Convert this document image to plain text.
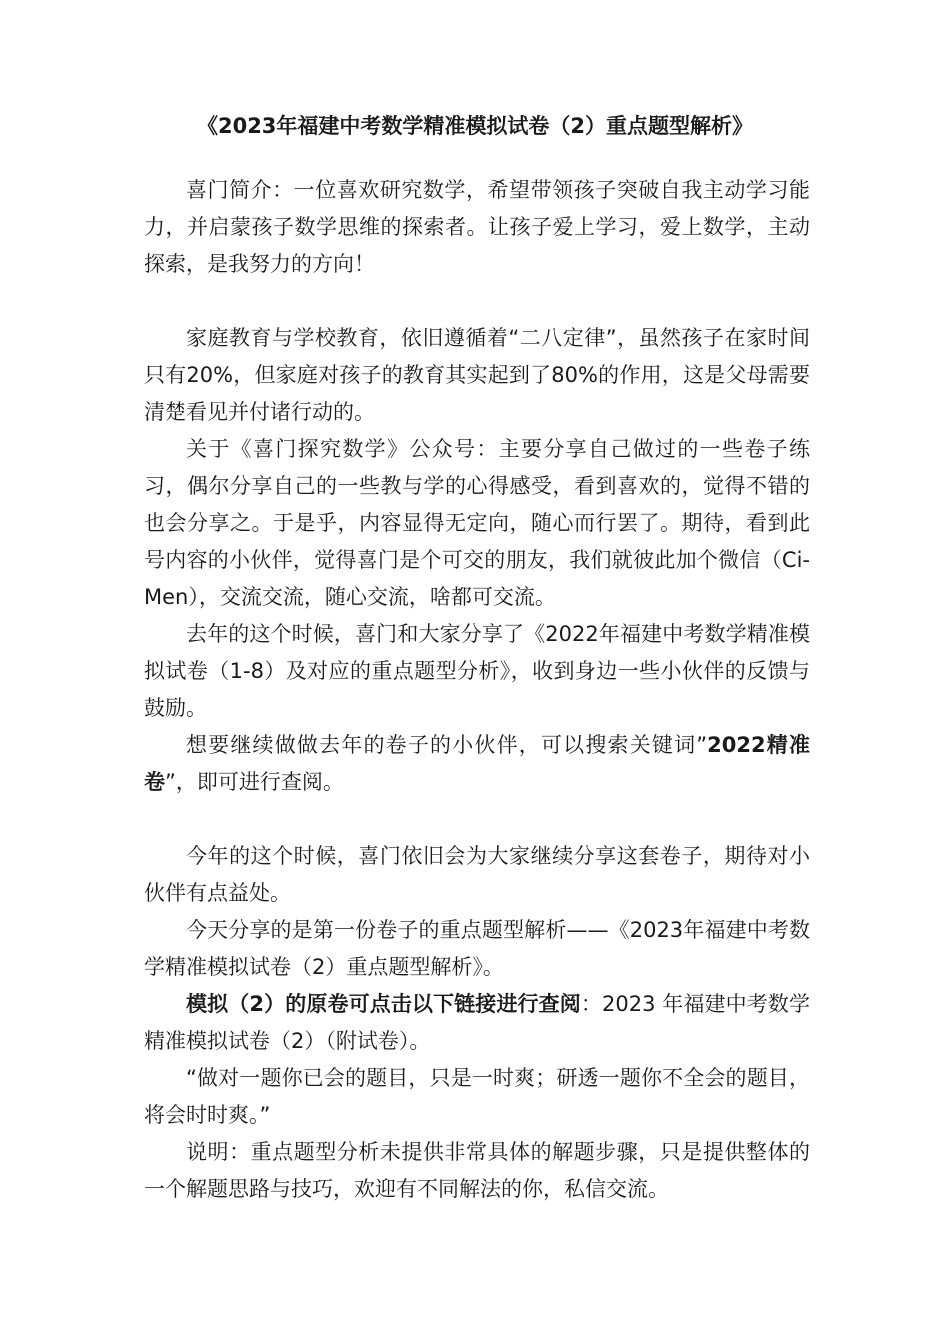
《2023年福建中考数学精准模拟试卷（2）重点题型解析》

喜门简介：一位喜欢研究数学，希望带领孩子突破自我主动学习能力，并启蒙孩子数学思维的探索者。让孩子爱上学习，爱上数学，主动探索，是我努力的方向！

家庭教育与学校教育，依旧遵循着“二八定律”，虽然孩子在家时间只有20%，但家庭对孩子的教育其实起到了80%的作用，这是父母需要清楚看见并付诸行动的。

关于《喜门探究数学》公众号：主要分享自己做过的一些卷子练习，偶尔分享自己的一些教与学的心得感受，看到喜欢的，觉得不错的也会分享之。于是乎，内容显得无定向，随心而行罢了。期待，看到此号内容的小伙伴，觉得喜门是个可交的朋友，我们就彼此加个微信（Ci-Men），交流交流，随心交流，啥都可交流。

去年的这个时候，喜门和大家分享了《2022年福建中考数学精准模拟试卷（1-8）及对应的重点题型分析》，收到身边一些小伙伴的反馈与鼓励。

想要继续做做去年的卷子的小伙伴，可以搜索关键词”2022精准卷”，即可进行查阅。

今年的这个时候，喜门依旧会为大家继续分享这套卷子，期待对小伙伴有点益处。

今天分享的是第一份卷子的重点题型解析——《2023年福建中考数学精准模拟试卷（2）重点题型解析》。

模拟（2）的原卷可点击以下链接进行查阅：2023 年福建中考数学精准模拟试卷（2）（附试卷）。

“做对一题你已会的题目，只是一时爽；研透一题你不全会的题目，将会时时爽。”

说明：重点题型分析未提供非常具体的解题步骤，只是提供整体的一个解题思路与技巧，欢迎有不同解法的你，私信交流。
